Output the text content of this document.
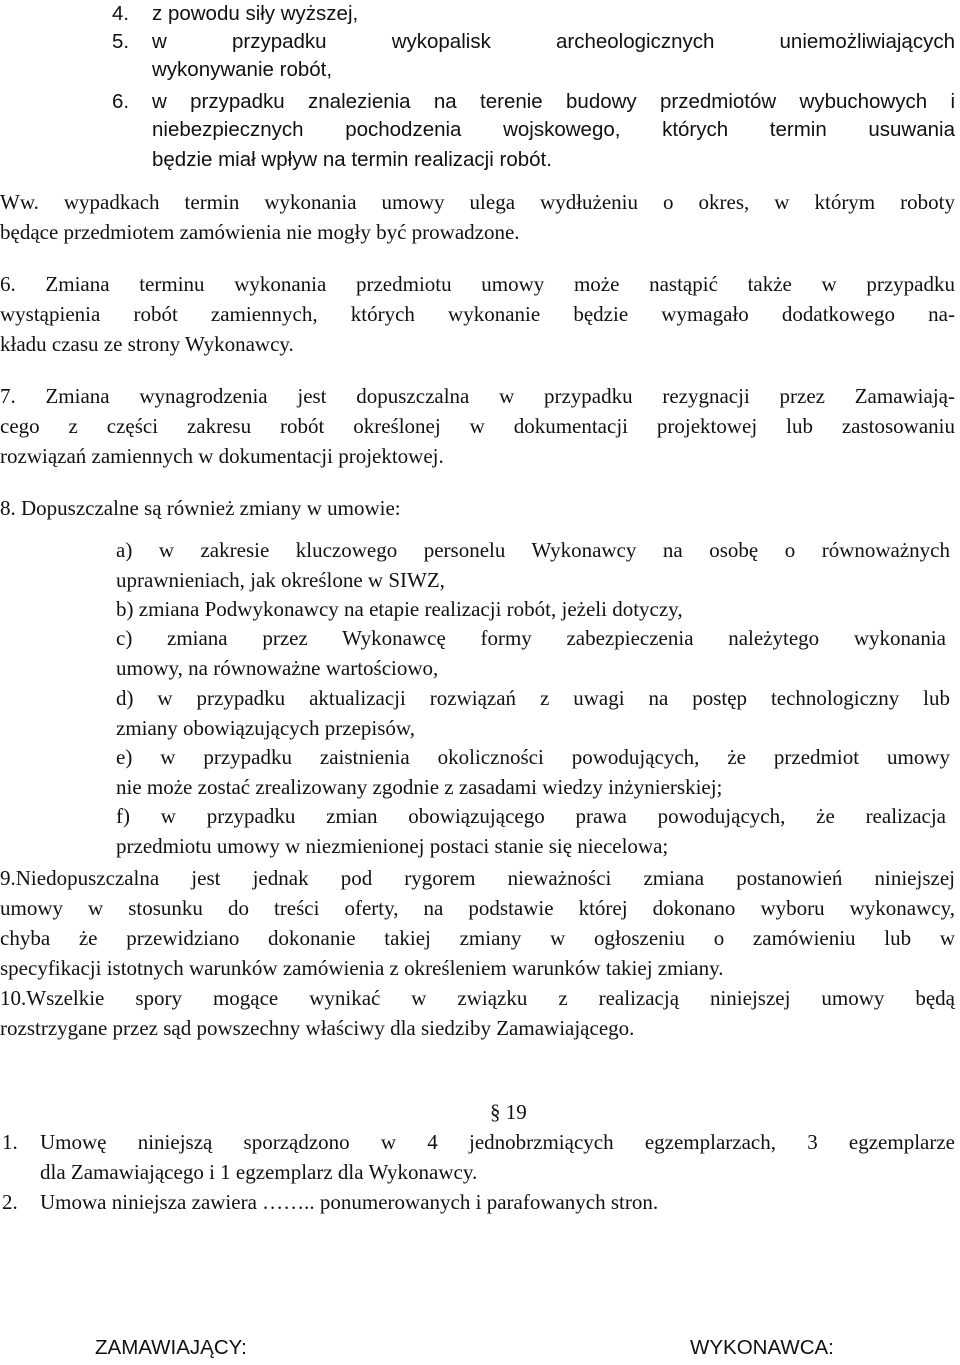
4. z powodu siły wyższej,
5. w przypadku wykopalisk archeologicznych uniemożliwiających
wykonywanie robót,
6. w przypadku znalezienia na terenie budowy przedmiotów wybuchowych i
niebezpiecznych pochodzenia wojskowego, których termin usuwania
będzie miał wpływ na termin realizacji robót.
Ww. wypadkach termin wykonania umowy ulega wydłużeniu o okres, w którym roboty
będące przedmiotem zamówienia nie mogły być prowadzone.
6. Zmiana terminu wykonania przedmiotu umowy może nastąpić także w przypadku
wystąpienia robót zamiennych, których wykonanie będzie wymagało dodatkowego na-
kładu czasu ze strony Wykonawcy.
7. Zmiana wynagrodzenia jest dopuszczalna w przypadku rezygnacji przez Zamawiają-
cego z części zakresu robót określonej w dokumentacji projektowej lub zastosowaniu
rozwiązań zamiennych w dokumentacji projektowej.
8. Dopuszczalne są również zmiany w umowie:
a) w zakresie kluczowego personelu Wykonawcy na osobę o równoważnych
uprawnieniach, jak określone w SIWZ,
b) zmiana Podwykonawcy na etapie realizacji robót, jeżeli dotyczy,
c) zmiana przez Wykonawcę formy zabezpieczenia należytego wykonania
umowy, na równoważne wartościowo,
d) w przypadku aktualizacji rozwiązań z uwagi na postęp technologiczny lub
zmiany obowiązujących przepisów,
e) w przypadku zaistnienia okoliczności powodujących, że przedmiot umowy
nie może zostać zrealizowany zgodnie z zasadami wiedzy inżynierskiej;
f) w przypadku zmian obowiązującego prawa powodujących, że realizacja
przedmiotu umowy w niezmienionej postaci stanie się niecelowa;
9.Niedopuszczalna jest jednak pod rygorem nieważności zmiana postanowień niniejszej
umowy w stosunku do treści oferty, na podstawie której dokonano wyboru wykonawcy,
chyba że przewidziano dokonanie takiej zmiany w ogłoszeniu o zamówieniu lub w
specyfikacji istotnych warunków zamówienia z określeniem warunków takiej zmiany.
10.Wszelkie spory mogące wynikać w związku z realizacją niniejszej umowy będą
rozstrzygane przez sąd powszechny właściwy dla siedziby Zamawiającego.
§ 19
1. Umowę niniejszą sporządzono w 4 jednobrzmiących egzemplarzach, 3 egzemplarze
dla Zamawiającego i 1 egzemplarz dla Wykonawcy.
2. Umowa niniejsza zawiera …….. ponumerowanych i parafowanych stron.
ZAMAWIAJĄCY:	WYKONAWCA:
